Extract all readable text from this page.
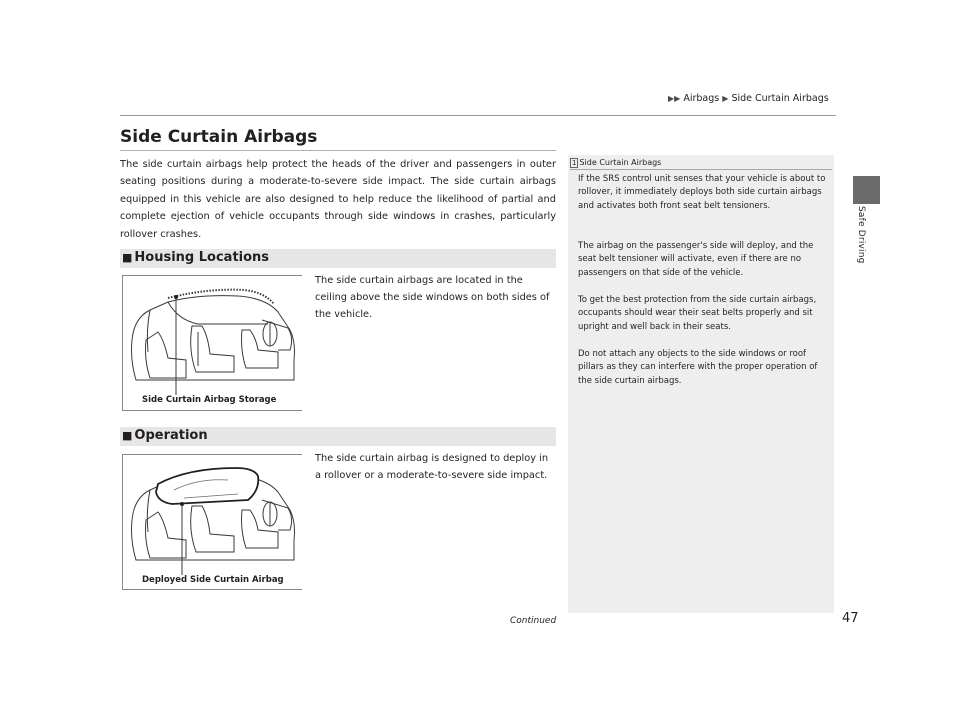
▶▶ Airbags ▶ Side Curtain Airbags
Safe Driving
Side Curtain Airbags
The side curtain airbags help protect the heads of the driver and passengers in outer seating positions during a moderate-to-severe side impact. The side curtain airbags equipped in this vehicle are also designed to help reduce the likelihood of partial and complete ejection of vehicle occupants through side windows in crashes, particularly rollover crashes.
■ Housing Locations
Side Curtain Airbag Storage
The side curtain airbags are located in the ceiling above the side windows on both sides of the vehicle.
■ Operation
Deployed Side Curtain Airbag
The side curtain airbag is designed to deploy in a rollover or a moderate-to-severe side impact.
Continued	47
1 Side Curtain Airbags
If the SRS control unit senses that your vehicle is about to rollover, it immediately deploys both side curtain airbags and activates both front seat belt tensioners.
The airbag on the passenger's side will deploy, and the seat belt tensioner will activate, even if there are no passengers on that side of the vehicle.
To get the best protection from the side curtain airbags, occupants should wear their seat belts properly and sit upright and well back in their seats.
Do not attach any objects to the side windows or roof pillars as they can interfere with the proper operation of the side curtain airbags.
